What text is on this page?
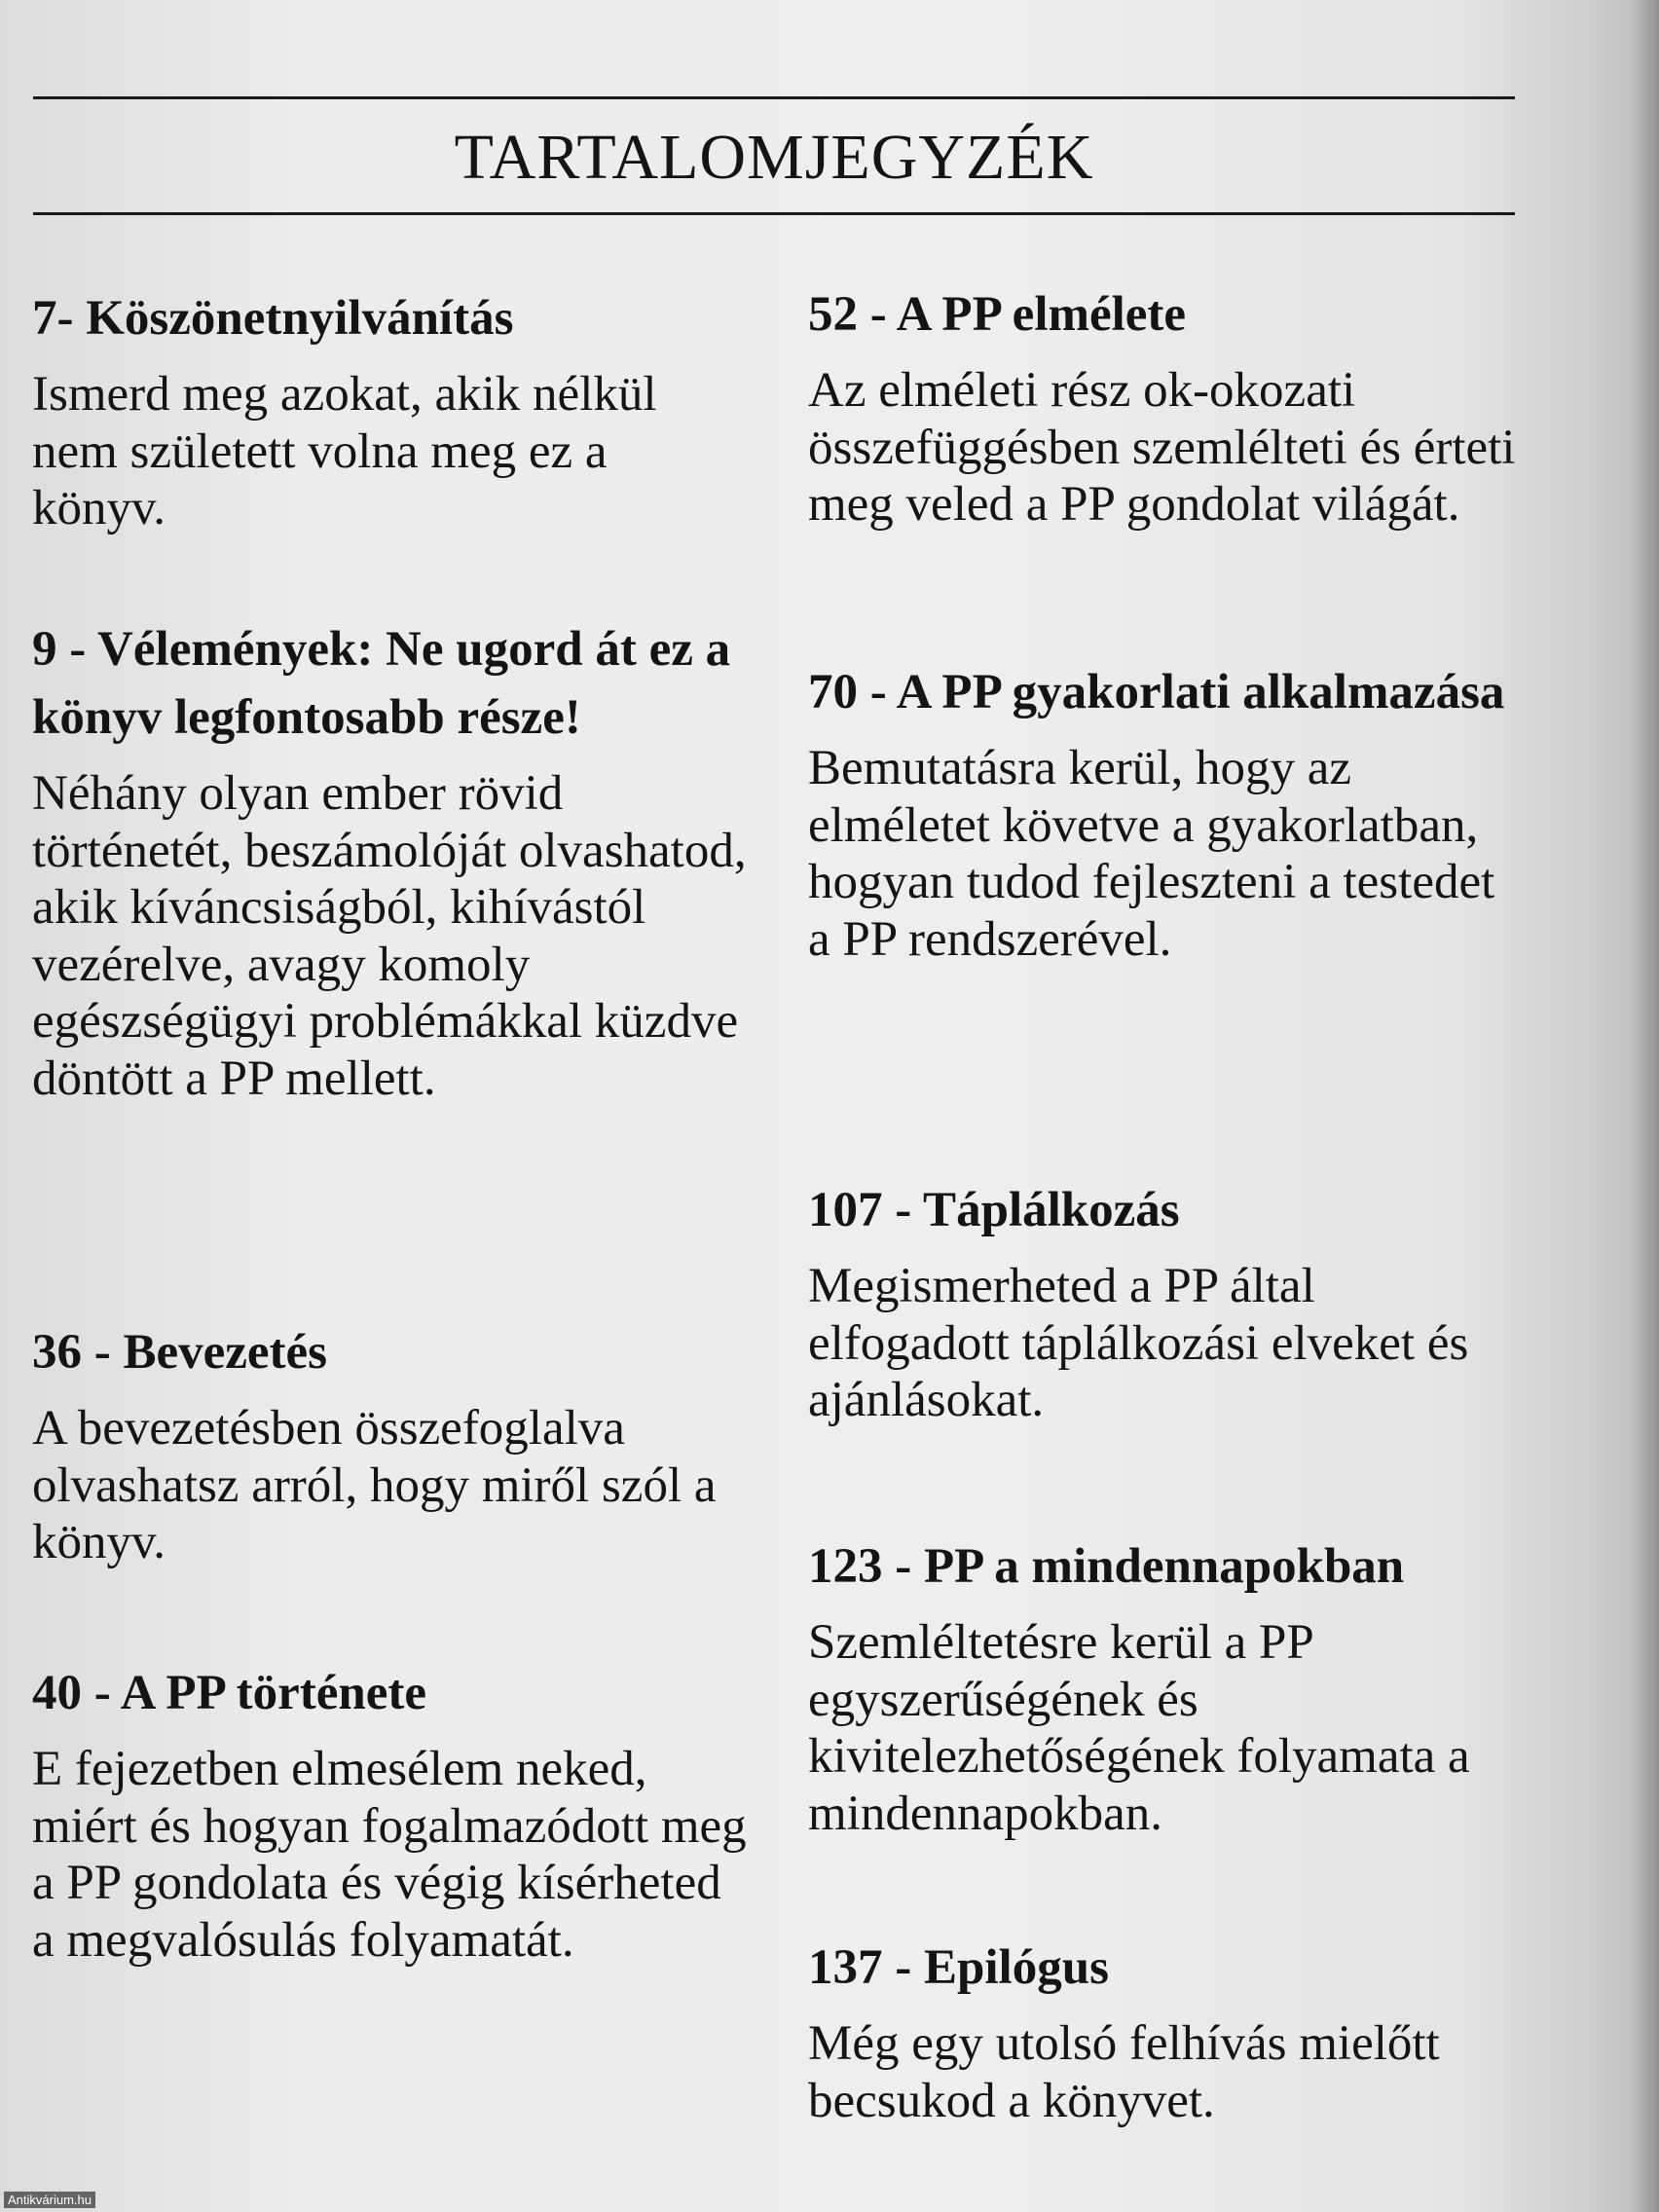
TARTALOMJEGYZÉK
7- Köszönetnyilvánítás

Ismerd meg azokat, akik nélkül nem született volna meg ez a könyv.

9 - Vélemények: Ne ugord át ez a könyv legfontosabb része!

Néhány olyan ember rövid történetét, beszámolóját olvashatod, akik kíváncsiságból, kihívástól vezérelve, avagy komoly egészségügyi problémákkal küzdve döntött a PP mellett.

36 - Bevezetés

A bevezetésben összefoglalva olvashatsz arról, hogy miről szól a könyv.

40 - A PP története

E fejezetben elmesélem neked, miért és hogyan fogalmazódott meg a PP gondolata és végig kísérheted a megvalósulás folyamatát.

52 - A PP elmélete

Az elméleti rész ok-okozati összefüggésben szemlélteti és érteti meg veled a PP gondolat világát.

70 - A PP gyakorlati alkalmazása

Bemutatásra kerül, hogy az elméletet követve a gyakorlatban, hogyan tudod fejleszteni a testedet a PP rendszerével.

107 - Táplálkozás

Megismerheted a PP által elfogadott táplálkozási elveket és ajánlásokat.

123 - PP a mindennapokban

Szemléltetésre kerül a PP egyszerűségének és kivitelezhetőségének folyamata a mindennapokban.

137 - Epilógus

Még egy utolsó felhívás mielőtt becsukod a könyvet.

Antikvárium.hu
